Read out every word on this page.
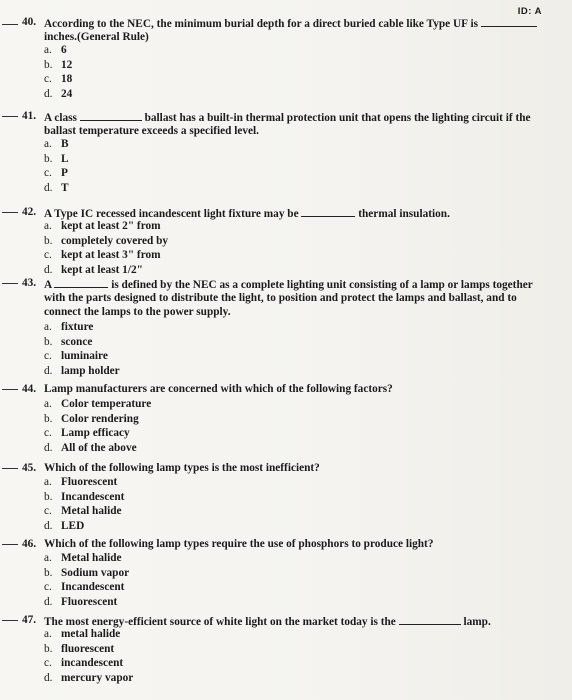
ID: A
40. According to the NEC, the minimum burial depth for a direct buried cable like Type UF is
inches.(General Rule)
a. 6
b. 12
c. 18
d. 24
41. A class	ballast has a built-in thermal protection unit that opens the lighting circuit if the ballast temperature exceeds a specified level.
a. B
b. L
c. P
d. T
42. A Type IC recessed incandescent light fixture may be	thermal insulation.
a. kept at least 2" from
b. completely covered by
c. kept at least 3" from
d. kept at least 1/2"
43. A	is defined by the NEC as a complete lighting unit consisting of a lamp or lamps together with the parts designed to distribute the light, to position and protect the lamps and ballast, and to connect the lamps to the power supply.
a. fixture
b. sconce
c. luminaire
d. lamp holder
44. Lamp manufacturers are concerned with which of the following factors?
a. Color temperature
b. Color rendering
c. Lamp efficacy
d. All of the above
45. Which of the following lamp types is the most inefficient?
a. Fluorescent
b. Incandescent
c. Metal halide
d. LED
46. Which of the following lamp types require the use of phosphors to produce light?
a. Metal halide
b. Sodium vapor
c. Incandescent
d. Fluorescent
47. The most energy-efficient source of white light on the market today is the	lamp.
a. metal halide
b. fluorescent
c. incandescent
d. mercury vapor
